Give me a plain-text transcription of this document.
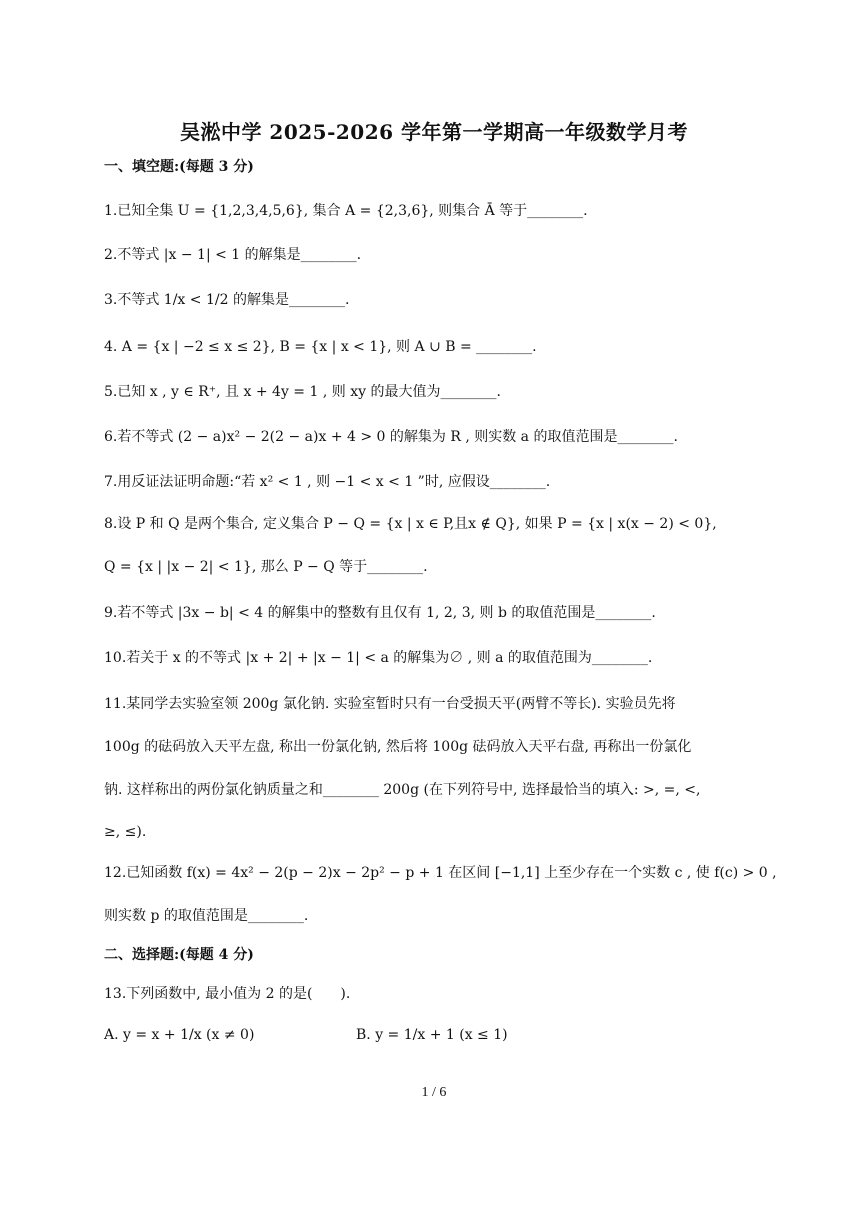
吴淞中学 2025-2026 学年第一学期高一年级数学月考
一、填空题:(每题 3 分)
1.已知全集 U = {1,2,3,4,5,6}, 集合 A = {2,3,6}, 则集合 Ā 等于________.
2.不等式 |x − 1| < 1 的解集是________.
3.不等式 1/x < 1/2 的解集是________.
4. A = {x | −2 ≤ x ≤ 2}, B = {x | x < 1}, 则 A ∪ B = ________.
5.已知 x , y ∈ R⁺, 且 x + 4y = 1 , 则 xy 的最大值为________.
6.若不等式 (2 − a)x² − 2(2 − a)x + 4 > 0 的解集为 R , 则实数 a 的取值范围是________.
7.用反证法证明命题:“若 x² < 1 , 则 −1 < x < 1 ”时, 应假设________.
8.设 P 和 Q 是两个集合, 定义集合 P − Q = {x | x ∈ P,且x ∉ Q}, 如果 P = {x | x(x − 2) < 0},
Q = {x | |x − 2| < 1}, 那么 P − Q 等于________.
9.若不等式 |3x − b| < 4 的解集中的整数有且仅有 1, 2, 3, 则 b 的取值范围是________.
10.若关于 x 的不等式 |x + 2| + |x − 1| < a 的解集为∅ , 则 a 的取值范围为________.
11.某同学去实验室领 200g 氯化钠. 实验室暂时只有一台受损天平(两臂不等长). 实验员先将
100g 的砝码放入天平左盘, 称出一份氯化钠, 然后将 100g 砝码放入天平右盘, 再称出一份氯化
钠. 这样称出的两份氯化钠质量之和________ 200g (在下列符号中, 选择最恰当的填入: >, =, <,
≥, ≤).
12.已知函数 f(x) = 4x² − 2(p − 2)x − 2p² − p + 1 在区间 [−1,1] 上至少存在一个实数 c , 使 f(c) > 0 ,
则实数 p 的取值范围是________.
二、选择题:(每题 4 分)
13.下列函数中, 最小值为 2 的是(　　).
A. y = x + 1/x (x ≠ 0)	B. y = 1/x + 1 (x ≤ 1)
1 / 6
